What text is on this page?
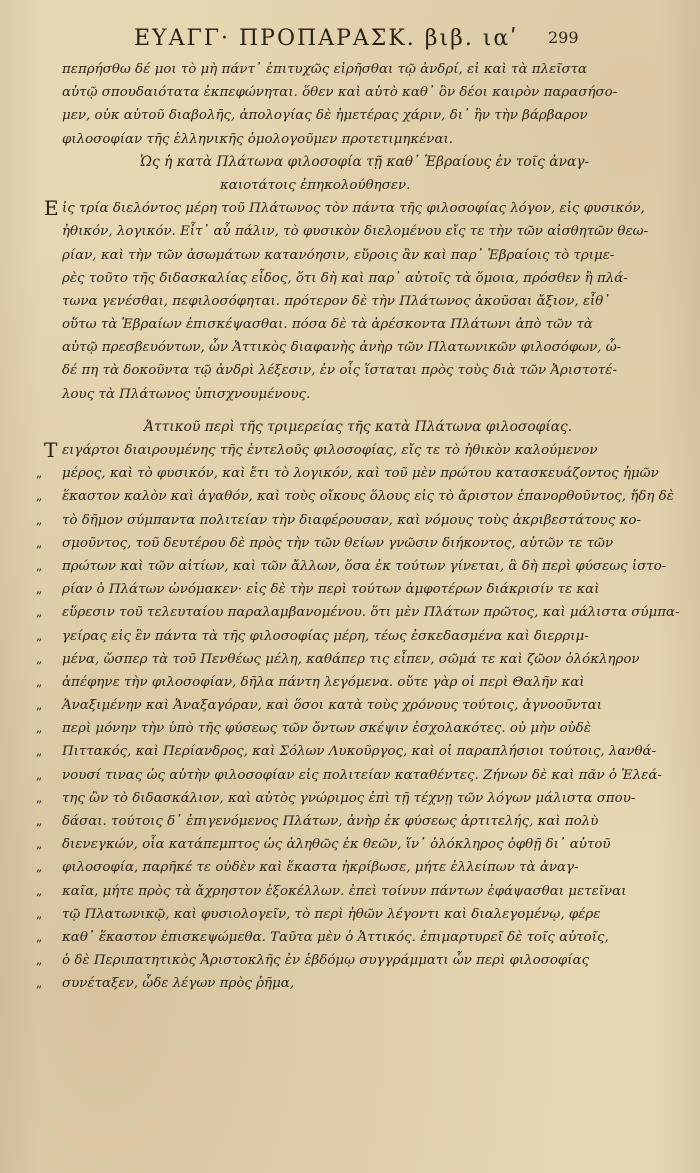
ΕΥΑΓΓ· ΠΡΟΠΑΡΑΣΚ. βιβ. ιαʹ	299
πεπρήσθω δέ μοι τὸ μὴ πάντ᾽ ἐπιτυχῶς εἰρῆσθαι τῷ ἀνδρί, εἰ καὶ τὰ πλεῖστα
αὐτῷ σπουδαιότατα ἐκπεφώνηται. ὅθεν καὶ αὐτὸ καθ᾽ ὃν δέοι καιρὸν παρασήσο-
μεν, οὐκ αὐτοῦ διαβολῆς, ἀπολογίας δὲ ἡμετέρας χάριν, δι᾽ ἣν τὴν βάρβαρον
φιλοσοφίαν τῆς ἑλληνικῆς ὁμολογοῦμεν προτετιμηκέναι.
Ὡς ἡ κατὰ Πλάτωνα φιλοσοφία τῇ καθ᾽ Ἑβραίους ἐν τοῖς ἀναγ-
καιοτάτοις ἐπηκολούθησεν.
Ε ἰς τρία διελόντος μέρη τοῦ Πλάτωνος τὸν πάντα τῆς φιλοσοφίας λόγον, εἰς φυσικόν,
ἠθικόν, λογικόν. Εἶτ᾽ αὖ πάλιν, τὸ φυσικὸν διελομένου εἴς τε τὴν τῶν αἰσθητῶν θεω-
ρίαν, καὶ τὴν τῶν ἀσωμάτων κατανόησιν, εὕροις ἂν καὶ παρ᾽ Ἑβραίοις τὸ τριμε-
ρὲς τοῦτο τῆς διδασκαλίας εἶδος, ὅτι δὴ καὶ παρ᾽ αὐτοῖς τὰ ὅμοια, πρόσθεν ἢ πλά-
τωνα γενέσθαι, πεφιλοσόφηται. πρότερον δὲ τὴν Πλάτωνος ἀκοῦσαι ἄξιον, εἶθ᾽
οὕτω τὰ Ἑβραίων ἐπισκέψασθαι. πόσα δὲ τὰ ἀρέσκοντα Πλάτωνι ἀπὸ τῶν τὰ
αὐτῷ πρεσβευόντων, ὧν Ἀττικὸς διαφανὴς ἀνὴρ τῶν Πλατωνικῶν φιλοσόφων, ὧ-
δέ πη τὰ δοκοῦντα τῷ ἀνδρὶ λέξεσιν, ἐν οἷς ἵσταται πρὸς τοὺς διὰ τῶν Ἀριστοτέ-
λους τὰ Πλάτωνος ὑπισχνουμένους.
Ἀττικοῦ περὶ τῆς τριμερείας τῆς κατὰ Πλάτωνα φιλοσοφίας.
Τ ειγάρτοι διαιρουμένης τῆς ἐντελοῦς φιλοσοφίας, εἴς τε τὸ ἠθικὸν καλούμενον
„ μέρος, καὶ τὸ φυσικόν, καὶ ἔτι τὸ λογικόν, καὶ τοῦ μὲν πρώτου κατασκευάζοντος ἡμῶν
„ ἕκαστον καλὸν καὶ ἀγαθόν, καὶ τοὺς οἴκους ὅλους εἰς τὸ ἄριστον ἐπανορθοῦντος, ἤδη δὲ
„ τὸ δῆμον σύμπαντα πολιτείαν τὴν διαφέρουσαν, καὶ νόμους τοὺς ἀκριβεστάτους κο-
„ σμοῦντος, τοῦ δευτέρου δὲ πρὸς τὴν τῶν θείων γνῶσιν διήκοντος, αὐτῶν τε τῶν
„ πρώτων καὶ τῶν αἰτίων, καὶ τῶν ἄλλων, ὅσα ἐκ τούτων γίνεται, ἃ δὴ περὶ φύσεως ἱστο-
„ ρίαν ὁ Πλάτων ὠνόμακεν· εἰς δὲ τὴν περὶ τούτων ἀμφοτέρων διάκρισίν τε καὶ
„ εὕρεσιν τοῦ τελευταίου παραλαμβανομένου. ὅτι μὲν Πλάτων πρῶτος, καὶ μάλιστα σύμπα-
„ γείρας εἰς ἓν πάντα τὰ τῆς φιλοσοφίας μέρη, τέως ἐσκεδασμένα καὶ διερριμ-
„ μένα, ὥσπερ τὰ τοῦ Πενθέως μέλη, καθάπερ τις εἶπεν, σῶμά τε καὶ ζῶον ὁλόκληρον
„ ἀπέφηνε τὴν φιλοσοφίαν, δῆλα πάντη λεγόμενα. οὔτε γὰρ οἱ περὶ Θαλῆν καὶ
„ Ἀναξιμένην καὶ Ἀναξαγόραν, καὶ ὅσοι κατὰ τοὺς χρόνους τούτοις, ἀγνοοῦνται
„ περὶ μόνην τὴν ὑπὸ τῆς φύσεως τῶν ὄντων σκέψιν ἐσχολακότες. οὐ μὴν οὐδὲ
„ Πιττακός, καὶ Περίανδρος, καὶ Σόλων Λυκοῦργος, καὶ οἱ παραπλήσιοι τούτοις, λανθά-
„ νουσί τινας ὡς αὐτὴν φιλοσοφίαν εἰς πολιτείαν καταθέντες. Ζήνων δὲ καὶ πᾶν ὁ Ἐλεά-
„ της ὢν τὸ διδασκάλιον, καὶ αὐτὸς γνώριμος ἐπὶ τῇ τέχνῃ τῶν λόγων μάλιστα σπου-
„ δάσαι. τούτοις δ᾽ ἐπιγενόμενος Πλάτων, ἀνὴρ ἐκ φύσεως ἀρτιτελής, καὶ πολὺ
„ διενεγκών, οἷα κατάπεμπτος ὡς ἀληθῶς ἐκ θεῶν, ἵν᾽ ὁλόκληρος ὀφθῇ δι᾽ αὐτοῦ
„ φιλοσοφία, παρῆκέ τε οὐδὲν καὶ ἕκαστα ἠκρίβωσε, μήτε ἐλλείπων τὰ ἀναγ-
„ καῖα, μήτε πρὸς τὰ ἄχρηστον ἐξοκέλλων. ἐπεὶ τοίνυν πάντων ἐφάψασθαι μετεῖναι
„ τῷ Πλατωνικῷ, καὶ φυσιολογεῖν, τὸ περὶ ἠθῶν λέγοντι καὶ διαλεγομένῳ, φέρε
„ καθ᾽ ἕκαστον ἐπισκεψώμεθα. Ταῦτα μὲν ὁ Ἀττικός. ἐπιμαρτυρεῖ δὲ τοῖς αὐτοῖς,
„ ὁ δὲ Περιπατητικὸς Ἀριστοκλῆς ἐν ἑβδόμῳ συγγράμματι ὧν περὶ φιλοσοφίας
„ συνέταξεν, ὧδε λέγων πρὸς ῥῆμα,
